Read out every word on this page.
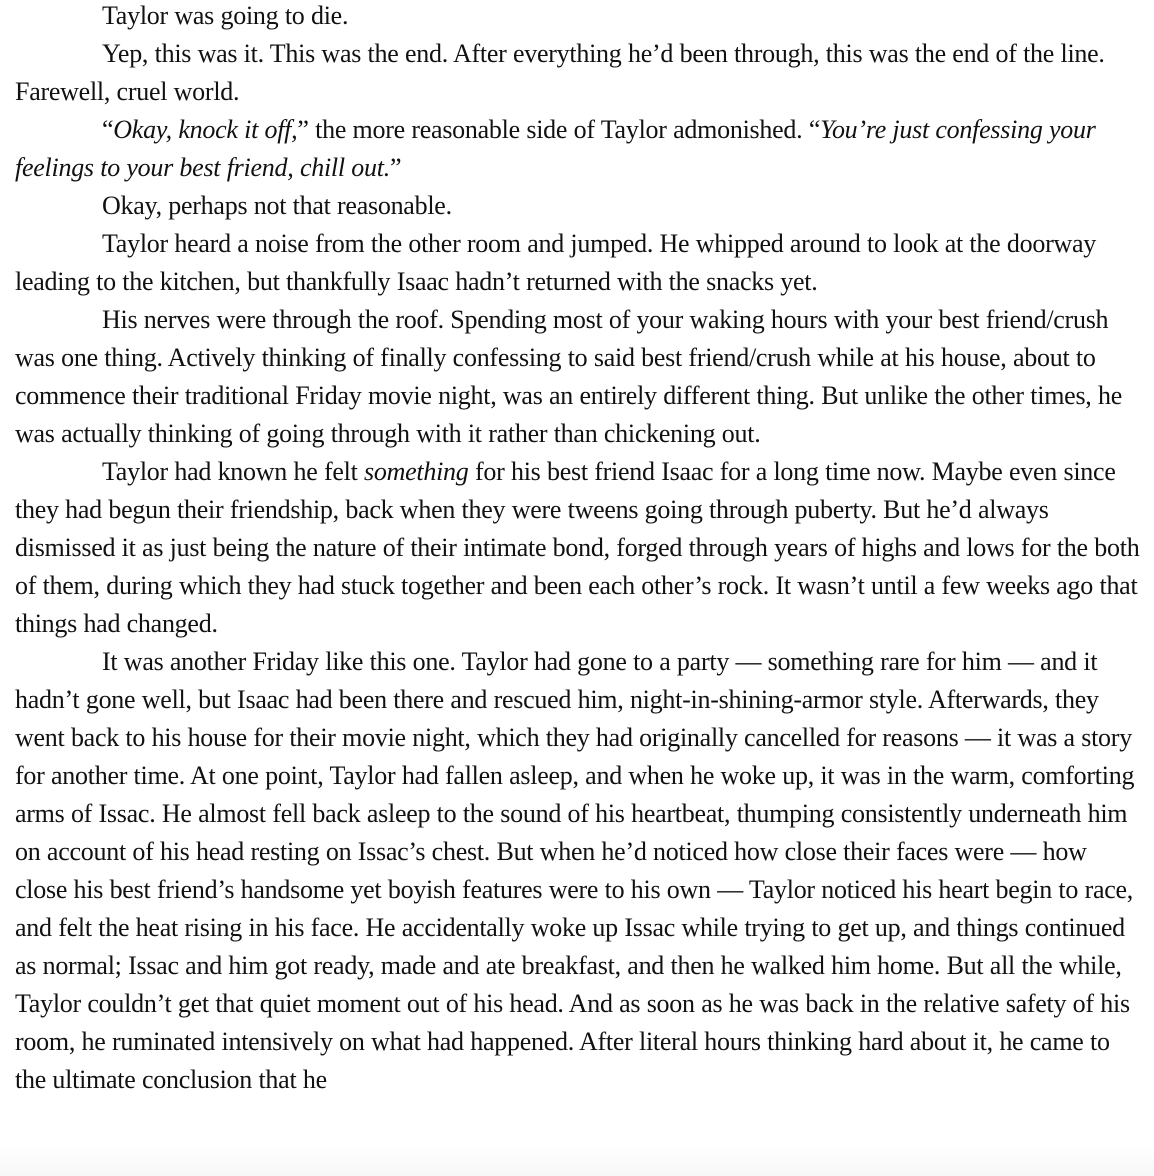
Taylor was going to die.

Yep, this was it. This was the end. After everything he’d been through, this was the end of the line. Farewell, cruel world.

“Okay, knock it off,” the more reasonable side of Taylor admonished. “You’re just confessing your feelings to your best friend, chill out.”

Okay, perhaps not that reasonable.

Taylor heard a noise from the other room and jumped. He whipped around to look at the doorway leading to the kitchen, but thankfully Isaac hadn’t returned with the snacks yet.

His nerves were through the roof. Spending most of your waking hours with your best friend/crush was one thing. Actively thinking of finally confessing to said best friend/crush while at his house, about to commence their traditional Friday movie night, was an entirely different thing. But unlike the other times, he was actually thinking of going through with it rather than chickening out.

Taylor had known he felt something for his best friend Isaac for a long time now. Maybe even since they had begun their friendship, back when they were tweens going through puberty. But he’d always dismissed it as just being the nature of their intimate bond, forged through years of highs and lows for the both of them, during which they had stuck together and been each other’s rock. It wasn’t until a few weeks ago that things had changed.

It was another Friday like this one. Taylor had gone to a party — something rare for him — and it hadn’t gone well, but Isaac had been there and rescued him, night-in-shining-armor style. Afterwards, they went back to his house for their movie night, which they had originally cancelled for reasons — it was a story for another time. At one point, Taylor had fallen asleep, and when he woke up, it was in the warm, comforting arms of Issac. He almost fell back asleep to the sound of his heartbeat, thumping consistently underneath him on account of his head resting on Issac’s chest. But when he’d noticed how close their faces were — how close his best friend’s handsome yet boyish features were to his own — Taylor noticed his heart begin to race, and felt the heat rising in his face. He accidentally woke up Issac while trying to get up, and things continued as normal; Issac and him got ready, made and ate breakfast, and then he walked him home. But all the while, Taylor couldn’t get that quiet moment out of his head. And as soon as he was back in the relative safety of his room, he ruminated intensively on what had happened. After literal hours thinking hard about it, he came to the ultimate conclusion that he
